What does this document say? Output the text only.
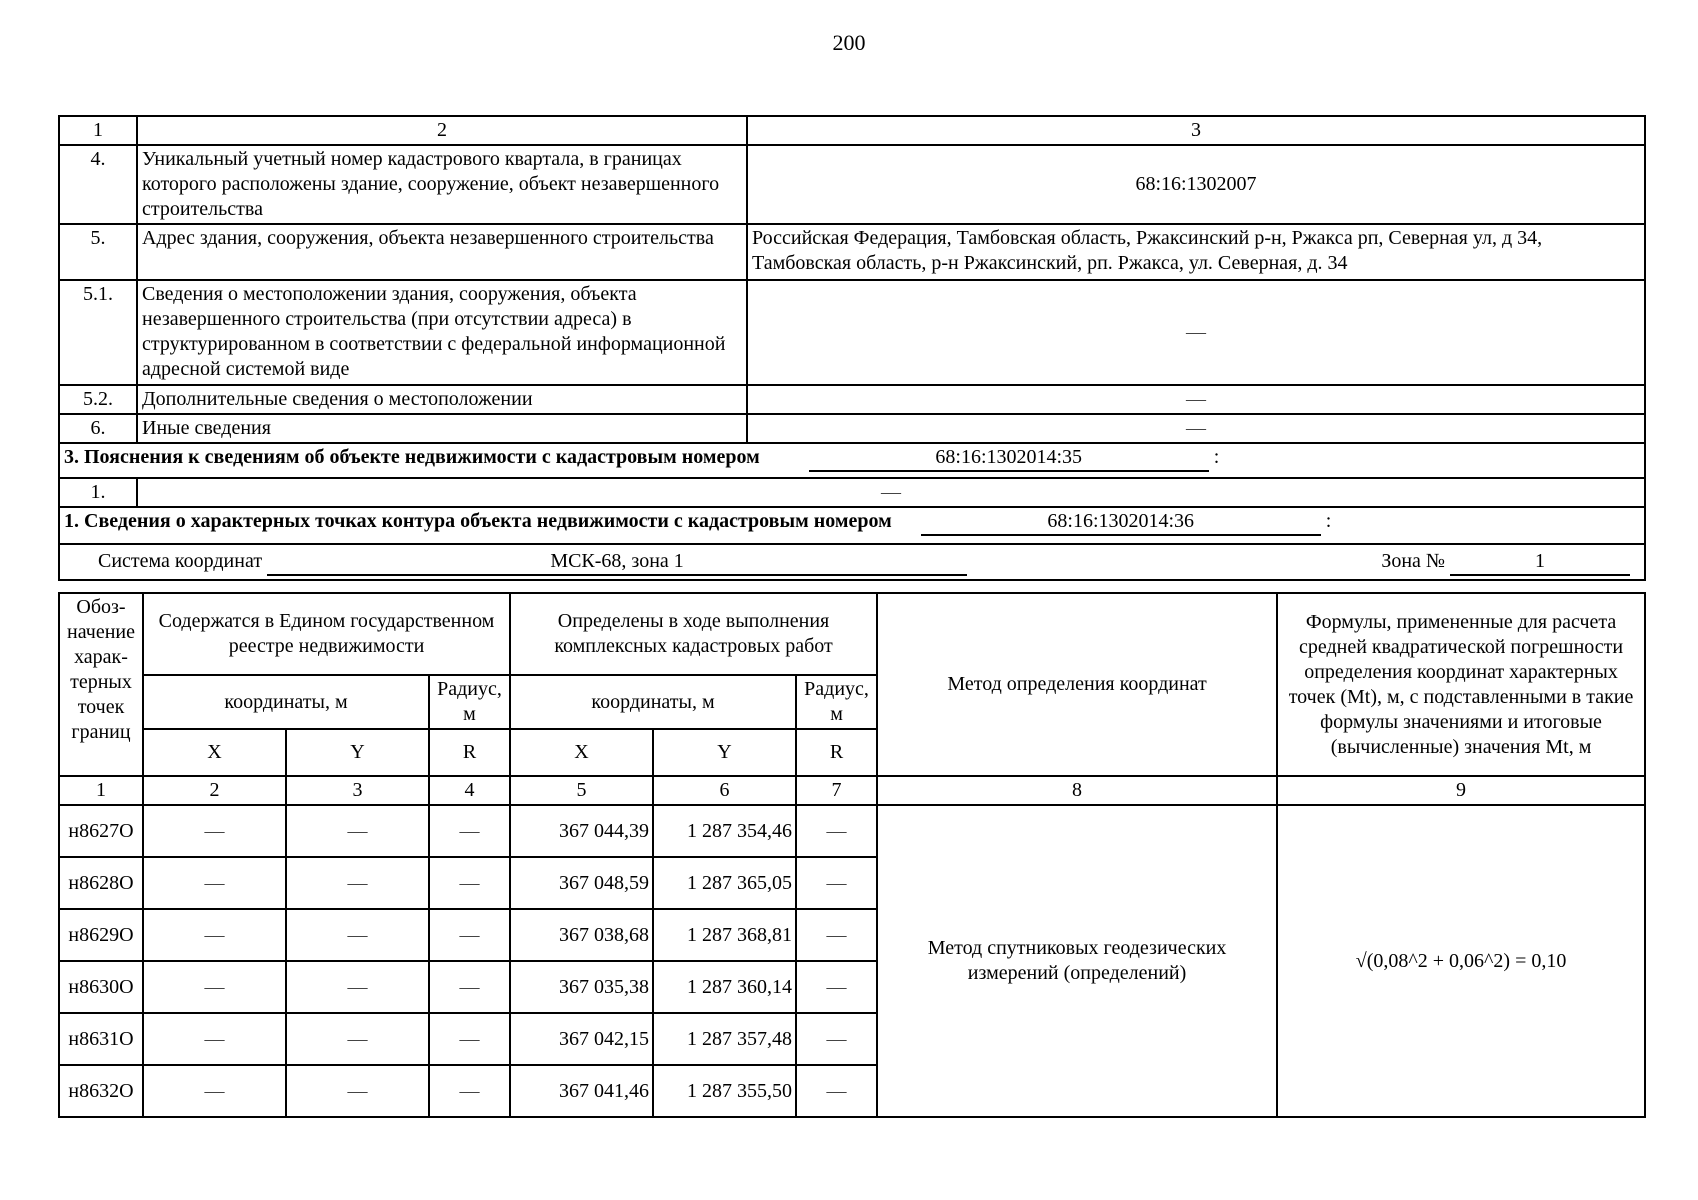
200
1	2	3
4.	Уникальный учетный номер кадастрового квартала, в границах которого расположены здание, сооружение, объект незавершенного строительства	68:16:1302007
5.	Адрес здания, сооружения, объекта незавершенного строительства	Российская Федерация, Тамбовская область, Ржаксинский р-н, Ржакса рп, Северная ул, д 34, Тамбовская область, р-н Ржаксинский, рп. Ржакса, ул. Северная, д. 34
5.1.	Сведения о местоположении здания, сооружения, объекта незавершенного строительства (при отсутствии адреса) в структурированном в соответствии с федеральной информационной адресной системой виде	—
5.2.	Дополнительные сведения о местоположении	—
6.	Иные сведения	—
3. Пояснения к сведениям об объекте недвижимости с кадастровым номером 68:16:1302014:35 :		
1.	—	
1. Сведения о характерных точках контура объекта недвижимости с кадастровым номером 68:16:1302014:36 :		
Система координат МСК-68, зона 1 Зона № 1		
Обоз-начение харак-терных точек границ	Содержатся в Едином государственном реестре недвижимости			Определены в ходе выполнения комплексных кадастровых работ			Метод определения координат	Формулы, примененные для расчета средней квадратической погрешности определения координат характерных точек (Mt), м, с подставленными в такие формулы значениями и итоговые (вычисленные) значения Mt, м
	координаты, м		Радиус, м	координаты, м		Радиус, м		
	X	Y	R	X	Y	R		
1	2	3	4	5	6	7	8	9
н8627О	—	—	—	367 044,39	1 287 354,46	—	Метод спутниковых геодезических измерений (определений)	√(0,08^2 + 0,06^2) = 0,10
н8628О	—	—	—	367 048,59	1 287 365,05	—		
н8629О	—	—	—	367 038,68	1 287 368,81	—		
н8630О	—	—	—	367 035,38	1 287 360,14	—		
н8631О	—	—	—	367 042,15	1 287 357,48	—		
н8632О	—	—	—	367 041,46	1 287 355,50	—		
